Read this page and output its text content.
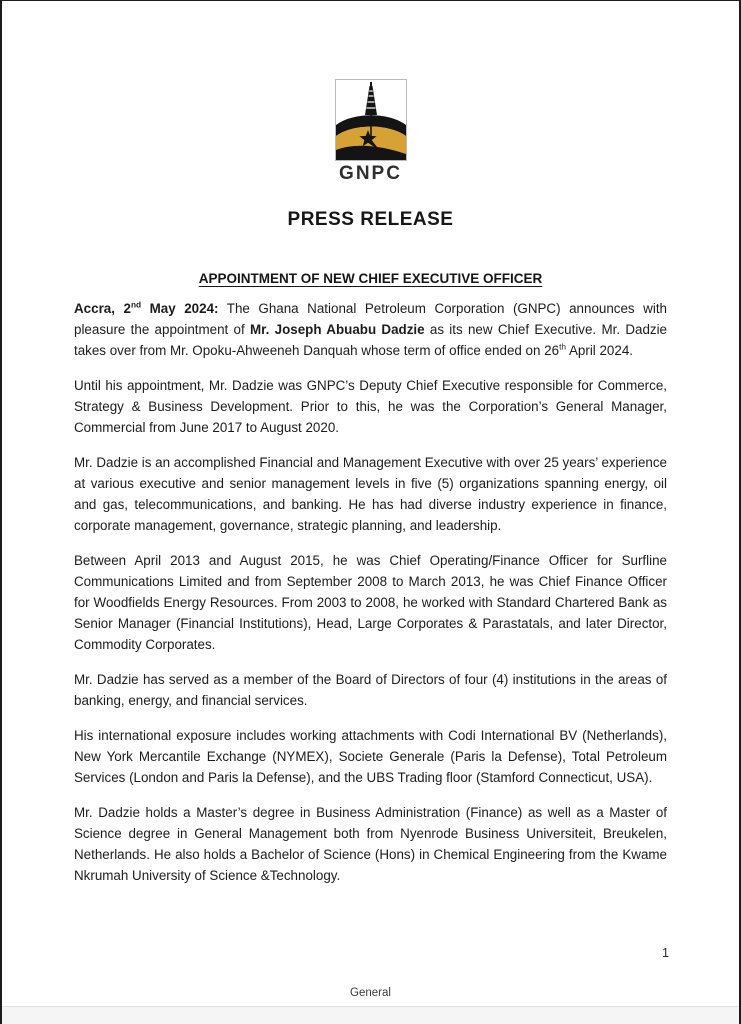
GNPC
PRESS RELEASE
APPOINTMENT OF NEW CHIEF EXECUTIVE OFFICER

Accra, 2nd May 2024: The Ghana National Petroleum Corporation (GNPC) announces with pleasure the appointment of Mr. Joseph Abuabu Dadzie as its new Chief Executive. Mr. Dadzie takes over from Mr. Opoku-Ahweeneh Danquah whose term of office ended on 26th April 2024.

Until his appointment, Mr. Dadzie was GNPC’s Deputy Chief Executive responsible for Commerce, Strategy & Business Development. Prior to this, he was the Corporation’s General Manager, Commercial from June 2017 to August 2020.

Mr. Dadzie is an accomplished Financial and Management Executive with over 25 years’ experience at various executive and senior management levels in five (5) organizations spanning energy, oil and gas, telecommunications, and banking. He has had diverse industry experience in finance, corporate management, governance, strategic planning, and leadership.

Between April 2013 and August 2015, he was Chief Operating/Finance Officer for Surfline Communications Limited and from September 2008 to March 2013, he was Chief Finance Officer for Woodfields Energy Resources. From 2003 to 2008, he worked with Standard Chartered Bank as Senior Manager (Financial Institutions), Head, Large Corporates & Parastatals, and later Director, Commodity Corporates.

Mr. Dadzie has served as a member of the Board of Directors of four (4) institutions in the areas of banking, energy, and financial services.

His international exposure includes working attachments with Codi International BV (Netherlands), New York Mercantile Exchange (NYMEX), Societe Generale (Paris la Defense), Total Petroleum Services (London and Paris la Defense), and the UBS Trading floor (Stamford Connecticut, USA).

Mr. Dadzie holds a Master’s degree in Business Administration (Finance) as well as a Master of Science degree in General Management both from Nyenrode Business Universiteit, Breukelen, Netherlands. He also holds a Bachelor of Science (Hons) in Chemical Engineering from the Kwame Nkrumah University of Science &Technology.

1
General
